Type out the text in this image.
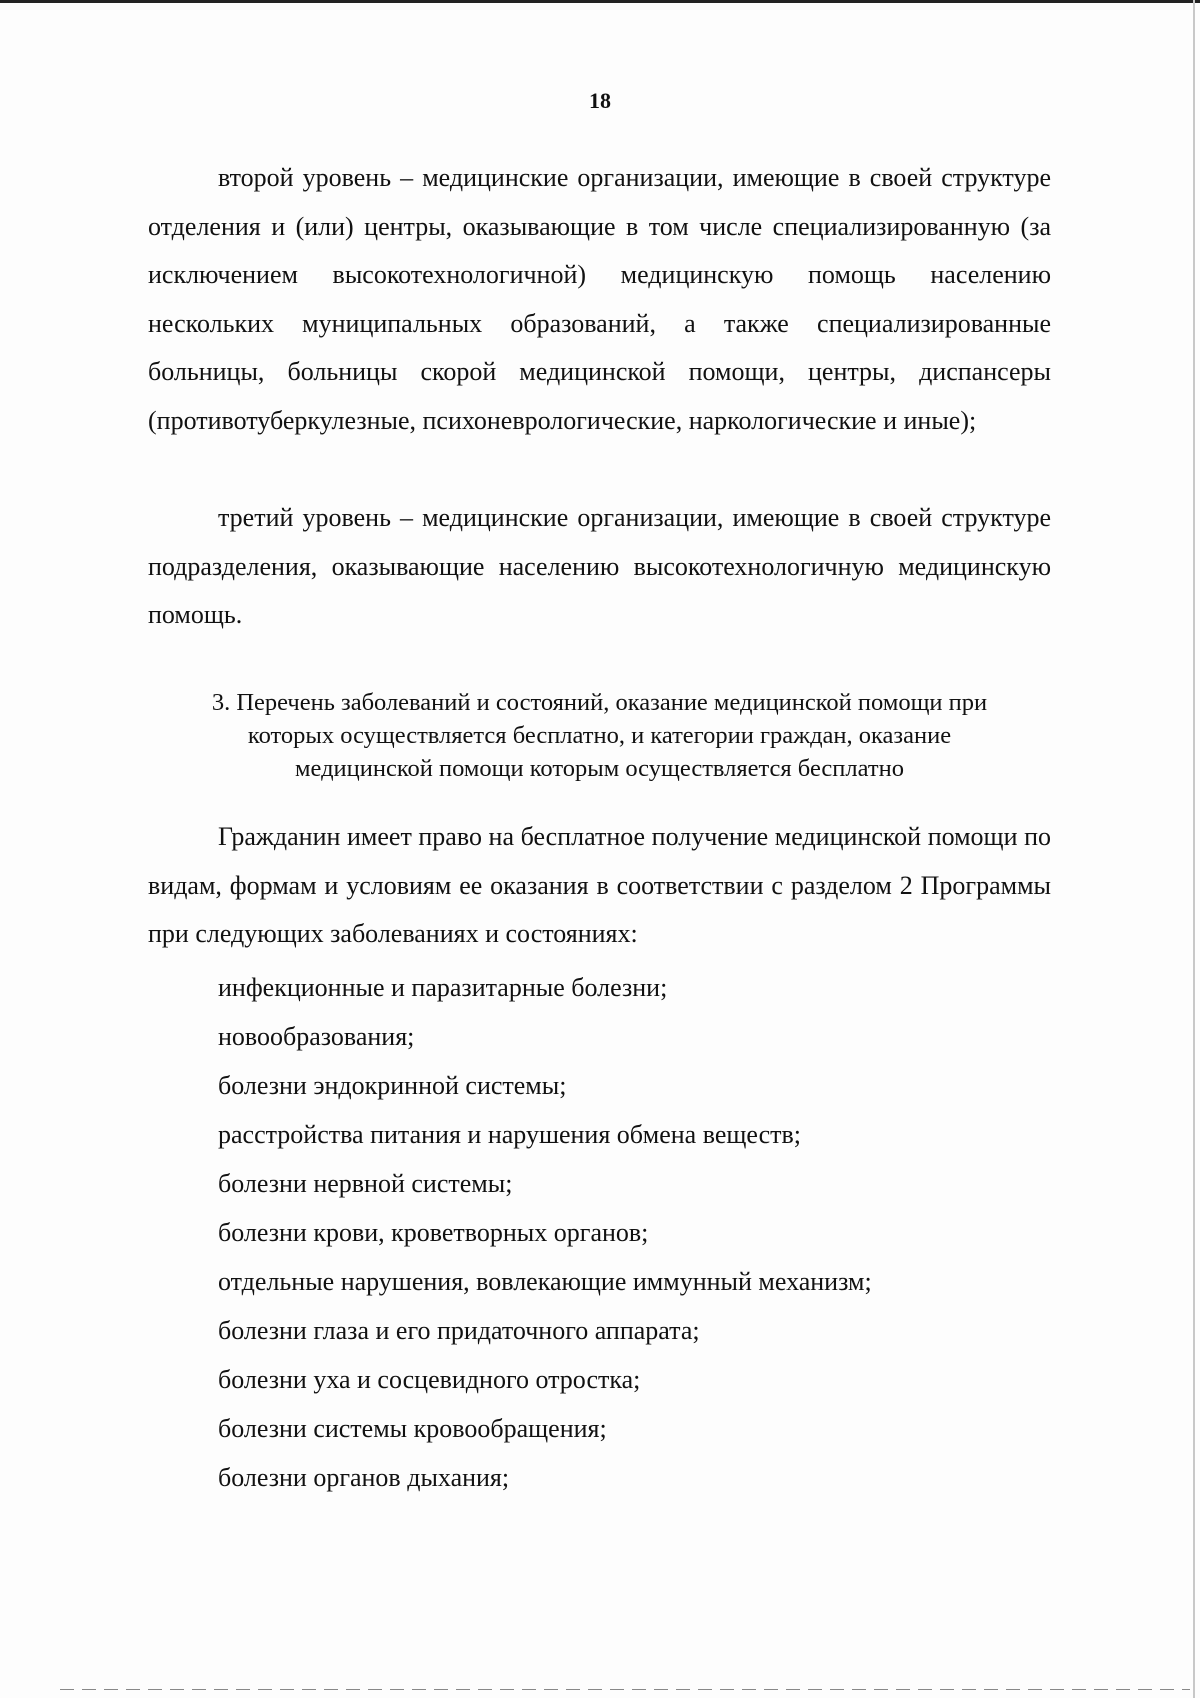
18

второй уровень – медицинские организации, имеющие в своей структуре отделения и (или) центры, оказывающие в том числе специализированную (за исключением высокотехнологичной) медицинскую помощь населению нескольких муниципальных образований, а также специализированные больницы, больницы скорой медицинской помощи, центры, диспансеры (противотуберкулезные, психоневрологические, наркологические и иные);

третий уровень – медицинские организации, имеющие в своей структуре подразделения, оказывающие населению высокотехнологичную медицинскую помощь.

3. Перечень заболеваний и состояний, оказание медицинской помощи при
которых осуществляется бесплатно, и категории граждан, оказание
медицинской помощи которым осуществляется бесплатно

Гражданин имеет право на бесплатное получение медицинской помощи по видам, формам и условиям ее оказания в соответствии с разделом 2 Программы при следующих заболеваниях и состояниях:

инфекционные и паразитарные болезни;
новообразования;
болезни эндокринной системы;
расстройства питания и нарушения обмена веществ;
болезни нервной системы;
болезни крови, кроветворных органов;
отдельные нарушения, вовлекающие иммунный механизм;
болезни глаза и его придаточного аппарата;
болезни уха и сосцевидного отростка;
болезни системы кровообращения;
болезни органов дыхания;
